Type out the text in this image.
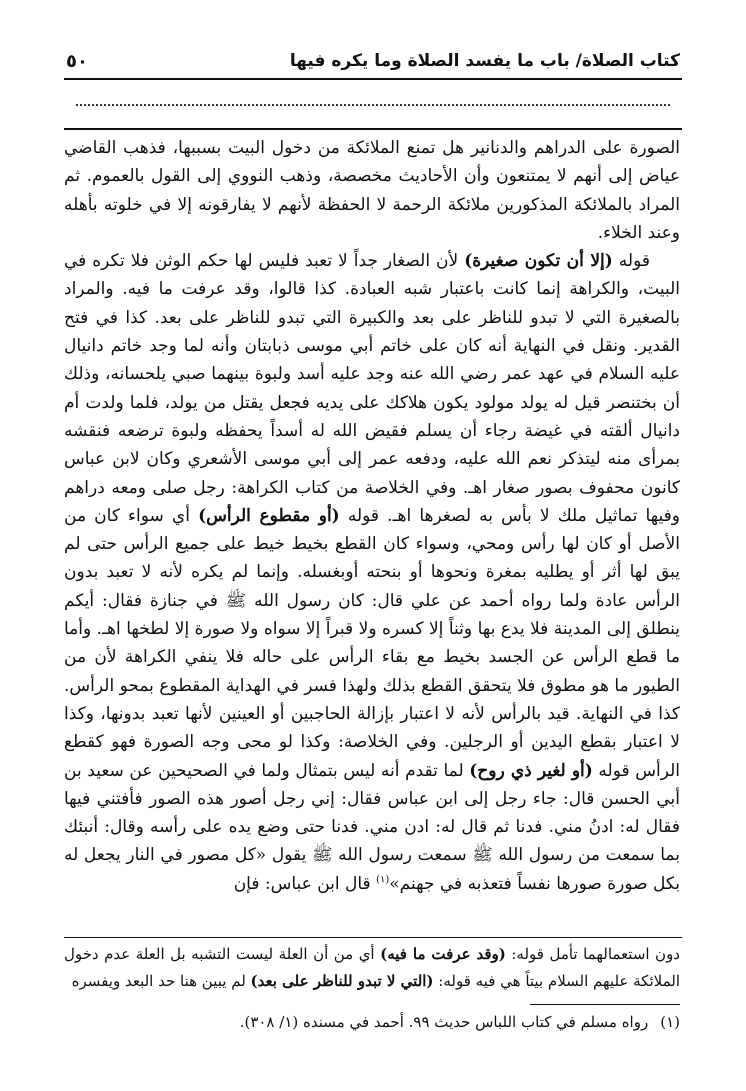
كتاب الصلاة/ باب ما يفسد الصلاة وما يكره فيها
٥٠

الصورة على الدراهم والدنانير هل تمنع الملائكة من دخول البيت بسببها، فذهب القاضي عياض إلى أنهم لا يمتنعون وأن الأحاديث مخصصة، وذهب النووي إلى القول بالعموم. ثم المراد بالملائكة المذكورين ملائكة الرحمة لا الحفظة لأنهم لا يفارقونه إلا في خلوته بأهله وعند الخلاء.

قوله (إلا أن تكون صغيرة) لأن الصغار جداً لا تعبد فليس لها حكم الوثن فلا تكره في البيت، والكراهة إنما كانت باعتبار شبه العبادة. كذا قالوا، وقد عرفت ما فيه. والمراد بالصغيرة التي لا تبدو للناظر على بعد والكبيرة التي تبدو للناظر على بعد. كذا في فتح القدير. ونقل في النهاية أنه كان على خاتم أبي موسى ذبابتان وأنه لما وجد خاتم دانيال عليه السلام في عهد عمر رضي الله عنه وجد عليه أسد ولبوة بينهما صبي يلحسانه، وذلك أن بختنصر قيل له يولد مولود يكون هلاكك على يديه فجعل يقتل من يولد، فلما ولدت أم دانيال ألقته في غيضة رجاء أن يسلم فقيض الله له أسداً يحفظه ولبوة ترضعه فنقشه بمرأى منه ليتذكر نعم الله عليه، ودفعه عمر إلى أبي موسى الأشعري وكان لابن عباس كانون محفوف بصور صغار اهـ. وفي الخلاصة من كتاب الكراهة: رجل صلى ومعه دراهم وفيها تماثيل ملك لا بأس به لصغرها اهـ. قوله (أو مقطوع الرأس) أي سواء كان من الأصل أو كان لها رأس ومحي، وسواء كان القطع بخيط خيط على جميع الرأس حتى لم يبق لها أثر أو يطليه بمغرة ونحوها أو بنحته أوبغسله. وإنما لم يكره لأنه لا تعبد بدون الرأس عادة ولما رواه أحمد عن علي قال: كان رسول الله ﷺ في جنازة فقال: أيكم ينطلق إلى المدينة فلا يدع بها وثناً إلا كسره ولا قبراً إلا سواه ولا صورة إلا لطخها اهـ. وأما ما قطع الرأس عن الجسد بخيط مع بقاء الرأس على حاله فلا ينفي الكراهة لأن من الطيور ما هو مطوق فلا يتحقق القطع بذلك ولهذا فسر في الهداية المقطوع بمحو الرأس. كذا في النهاية. قيد بالرأس لأنه لا اعتبار بإزالة الحاجبين أو العينين لأنها تعبد بدونها، وكذا لا اعتبار بقطع اليدين أو الرجلين. وفي الخلاصة: وكذا لو محى وجه الصورة فهو كقطع الرأس قوله (أو لغير ذي روح) لما تقدم أنه ليس بتمثال ولما في الصحيحين عن سعيد بن أبي الحسن قال: جاء رجل إلى ابن عباس فقال: إني رجل أصور هذه الصور فأفتني فيها فقال له: ادنُ مني. فدنا ثم قال له: ادن مني. فدنا حتى وضع يده على رأسه وقال: أنبئك بما سمعت من رسول الله ﷺ سمعت رسول الله ﷺ يقول «كل مصور في النار يجعل له بكل صورة صورها نفساً فتعذبه في جهنم»$^{(١)}$ قال ابن عباس: فإن

دون استعمالهما تأمل قوله: (وقد عرفت ما فيه) أي من أن العلة ليست التشبه بل العلة عدم دخول الملائكة عليهم السلام بيتاً هي فيه قوله: (التي لا تبدو للناظر على بعد) لم يبين هنا حد البعد ويفسره

(١)رواه مسلم في كتاب اللباس حديث ٩٩. أحمد في مسنده (١/ ٣٠٨).
